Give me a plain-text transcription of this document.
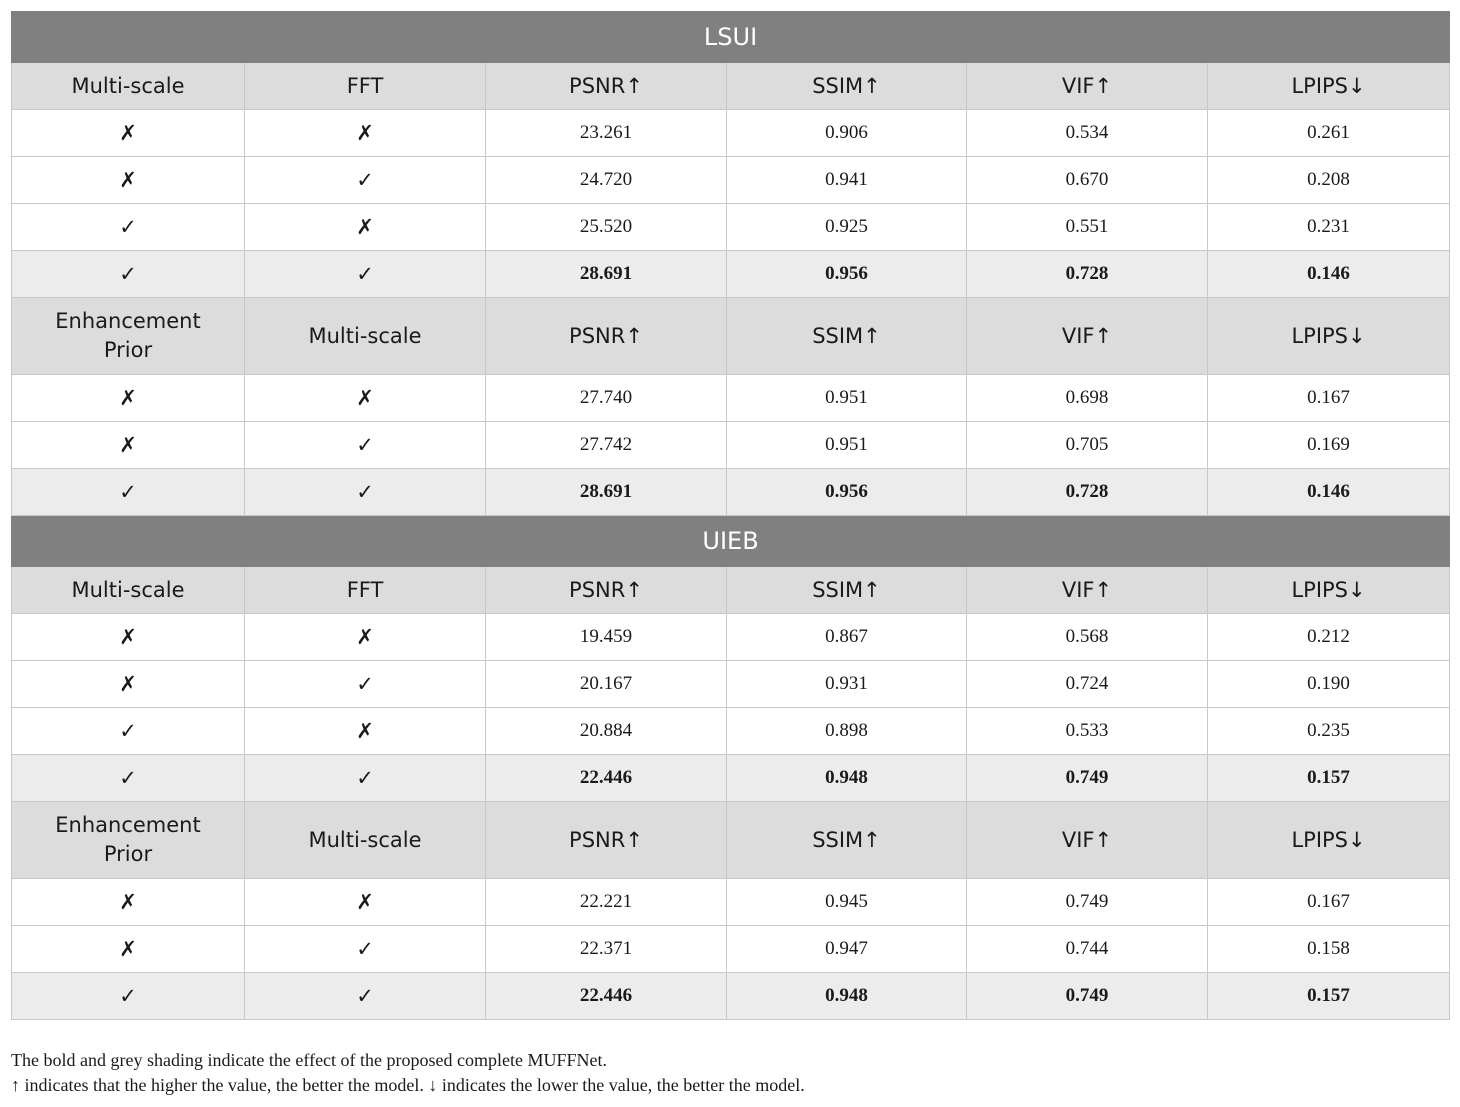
LSUI					
Multi-scale	FFT	PSNR↑	SSIM↑	VIF↑	LPIPS↓
✗	✗	23.261	0.906	0.534	0.261
✗	✓	24.720	0.941	0.670	0.208
✓	✗	25.520	0.925	0.551	0.231
✓	✓	28.691	0.956	0.728	0.146
Enhancement Prior	Multi-scale	PSNR↑	SSIM↑	VIF↑	LPIPS↓
✗	✗	27.740	0.951	0.698	0.167
✗	✓	27.742	0.951	0.705	0.169
✓	✓	28.691	0.956	0.728	0.146
UIEB					
Multi-scale	FFT	PSNR↑	SSIM↑	VIF↑	LPIPS↓
✗	✗	19.459	0.867	0.568	0.212
✗	✓	20.167	0.931	0.724	0.190
✓	✗	20.884	0.898	0.533	0.235
✓	✓	22.446	0.948	0.749	0.157
Enhancement Prior	Multi-scale	PSNR↑	SSIM↑	VIF↑	LPIPS↓
✗	✗	22.221	0.945	0.749	0.167
✗	✓	22.371	0.947	0.744	0.158
✓	✓	22.446	0.948	0.749	0.157
The bold and grey shading indicate the effect of the proposed complete MUFFNet.
↑ indicates that the higher the value, the better the model. ↓ indicates the lower the value, the better the model.
